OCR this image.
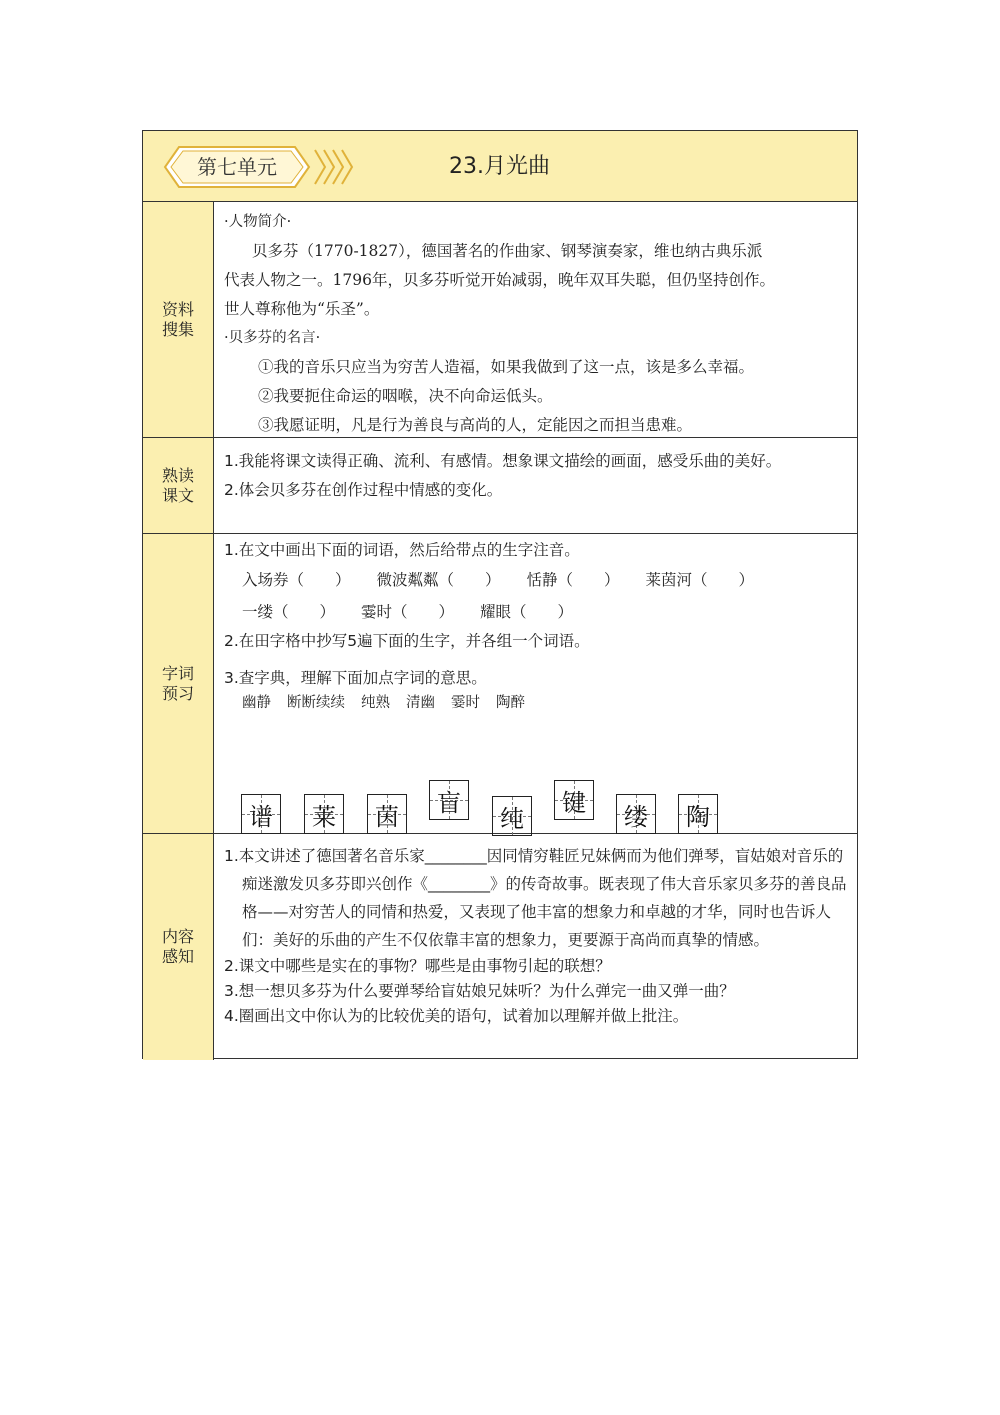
第七单元	23.月光曲
资料搜集
·人物简介·
贝多芬（1770-1827），德国著名的作曲家、钢琴演奏家，维也纳古典乐派
代表人物之一。1796年，贝多芬听觉开始减弱，晚年双耳失聪，但仍坚持创作。
世人尊称他为“乐圣”。
·贝多芬的名言·
①我的音乐只应当为穷苦人造福，如果我做到了这一点，该是多么幸福。
②我要扼住命运的咽喉，决不向命运低头。
③我愿证明，凡是行为善良与高尚的人，定能因之而担当患难。
熟读课文
1.我能将课文读得正确、流利、有感情。想象课文描绘的画面，感受乐曲的美好。
2.体会贝多芬在创作过程中情感的变化。
字词预习
1.在文中画出下面的词语，然后给带点的生字注音。
入场券（　　） 微波粼粼（　　） 恬静（　　） 莱茵河（　　）
一缕（　　） 霎时（　　） 耀眼（　　）
2.在田字格中抄写5遍下面的生字，并各组一个词语。
3.查字典，理解下面加点字词的意思。
幽静 断断续续 纯熟 清幽 霎时 陶醉
谱 莱 茵 盲
纯
键 缕 陶
内容感知
1.本文讲述了德国著名音乐家________因同情穷鞋匠兄妹俩而为他们弹琴，盲姑娘对音乐的痴迷激发贝多芬即兴创作《________》的传奇故事。既表现了伟大音乐家贝多芬的善良品格——对穷苦人的同情和热爱，又表现了他丰富的想象力和卓越的才华，同时也告诉人们：美好的乐曲的产生不仅依靠丰富的想象力，更要源于高尚而真挚的情感。
2.课文中哪些是实在的事物？哪些是由事物引起的联想？
3.想一想贝多芬为什么要弹琴给盲姑娘兄妹听？为什么弹完一曲又弹一曲？
4.圈画出文中你认为的比较优美的语句，试着加以理解并做上批注。
